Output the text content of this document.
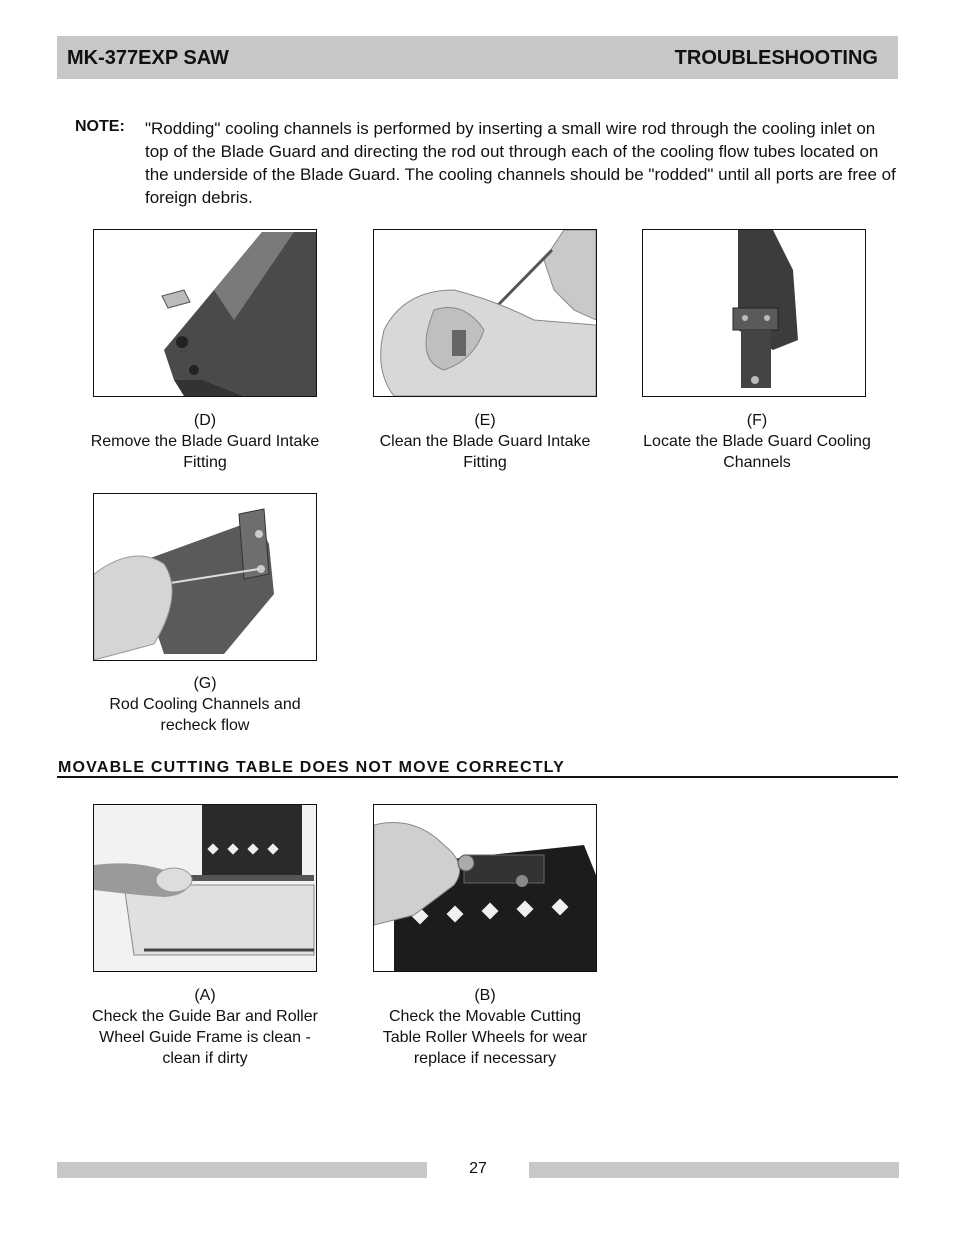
MK-377EXP SAW	TROUBLESHOOTING
NOTE: "Rodding" cooling channels is performed by inserting a small wire rod through the cooling inlet on top of the Blade Guard and directing the rod out through each of the cooling flow tubes located on the underside of the Blade Guard. The cooling channels should be "rodded" until all ports are free of foreign debris.
(D)
Remove the Blade Guard Intake
Fitting
(E)
Clean the Blade Guard Intake
Fitting
(F)
Locate the Blade Guard Cooling
Channels
(G)
Rod Cooling Channels and
recheck flow
MOVABLE CUTTING TABLE DOES NOT MOVE CORRECTLY
(A)
Check the Guide Bar and Roller
Wheel Guide Frame is clean -
clean if dirty
(B)
Check the Movable Cutting
Table Roller Wheels for wear
replace if necessary
27
